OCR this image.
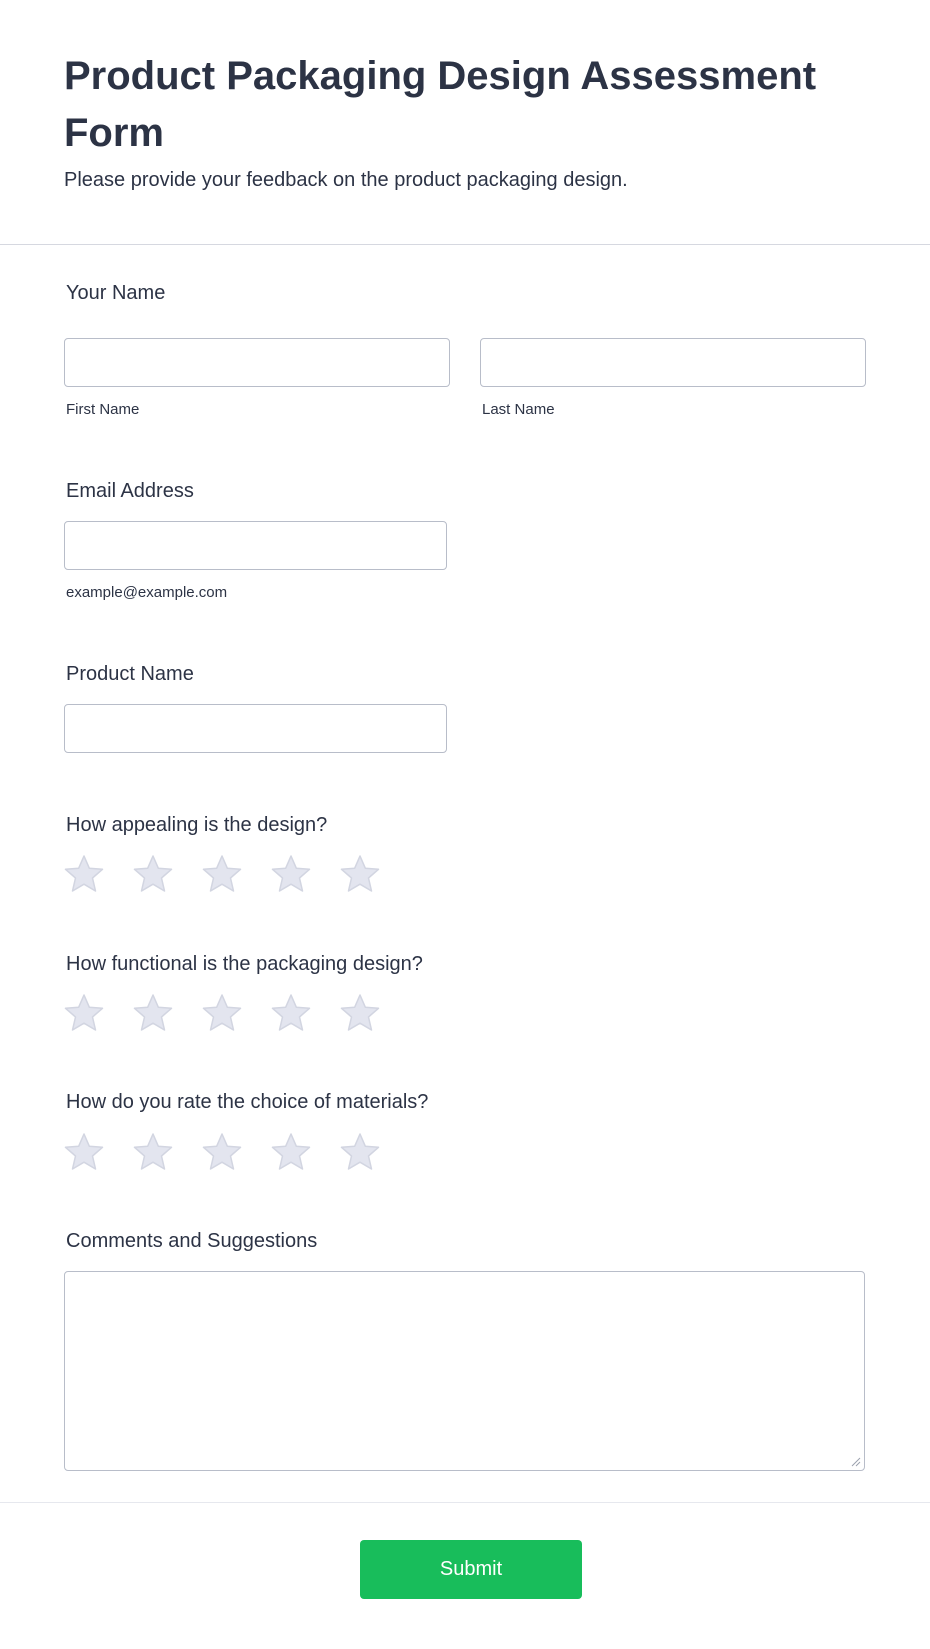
Product Packaging Design Assessment Form

Please provide your feedback on the product packaging design.

Your Name
First Name	Last Name
Email Address
example@example.com
Product Name
How appealing is the design?
How functional is the packaging design?
How do you rate the choice of materials?
Comments and Suggestions
Submit
